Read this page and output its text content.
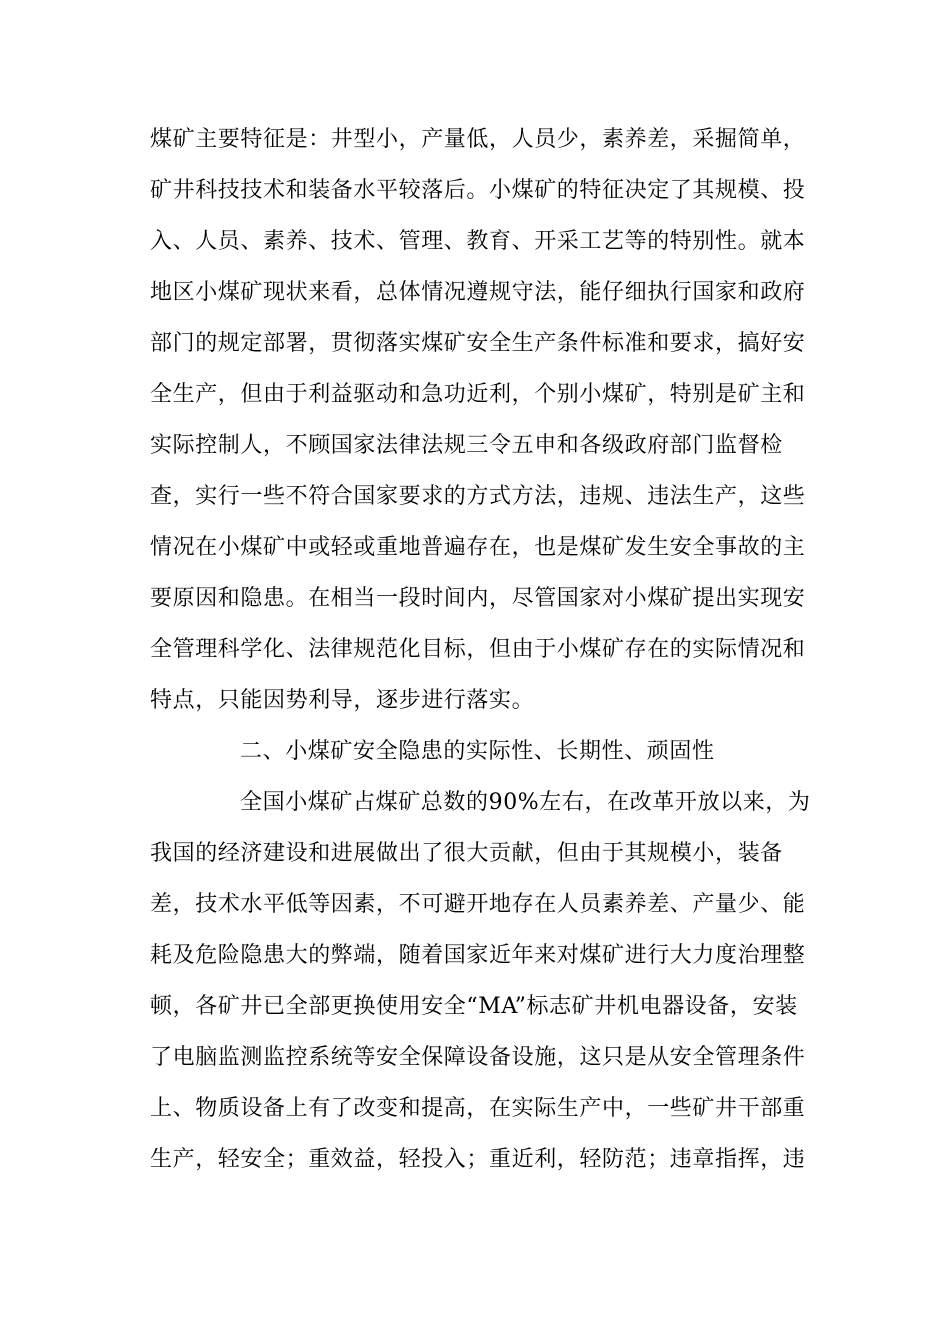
煤矿主要特征是：井型小，产量低，人员少，素养差，采掘简单，
矿井科技技术和装备水平较落后。小煤矿的特征决定了其规模、投
入、人员、素养、技术、管理、教育、开采工艺等的特别性。就本
地区小煤矿现状来看，总体情况遵规守法，能仔细执行国家和政府
部门的规定部署，贯彻落实煤矿安全生产条件标准和要求，搞好安
全生产，但由于利益驱动和急功近利，个别小煤矿，特别是矿主和
实际控制人，不顾国家法律法规三令五申和各级政府部门监督检
查，实行一些不符合国家要求的方式方法，违规、违法生产，这些
情况在小煤矿中或轻或重地普遍存在，也是煤矿发生安全事故的主
要原因和隐患。在相当一段时间内，尽管国家对小煤矿提出实现安
全管理科学化、法律规范化目标，但由于小煤矿存在的实际情况和
特点，只能因势利导，逐步进行落实。
二、小煤矿安全隐患的实际性、长期性、顽固性
全国小煤矿占煤矿总数的90%左右，在改革开放以来，为
我国的经济建设和进展做出了很大贡献，但由于其规模小，装备
差，技术水平低等因素，不可避开地存在人员素养差、产量少、能
耗及危险隐患大的弊端，随着国家近年来对煤矿进行大力度治理整
顿，各矿井已全部更换使用安全“MA”标志矿井机电器设备，安装
了电脑监测监控系统等安全保障设备设施，这只是从安全管理条件
上、物质设备上有了改变和提高，在实际生产中，一些矿井干部重
生产，轻安全；重效益，轻投入；重近利，轻防范；违章指挥，违
